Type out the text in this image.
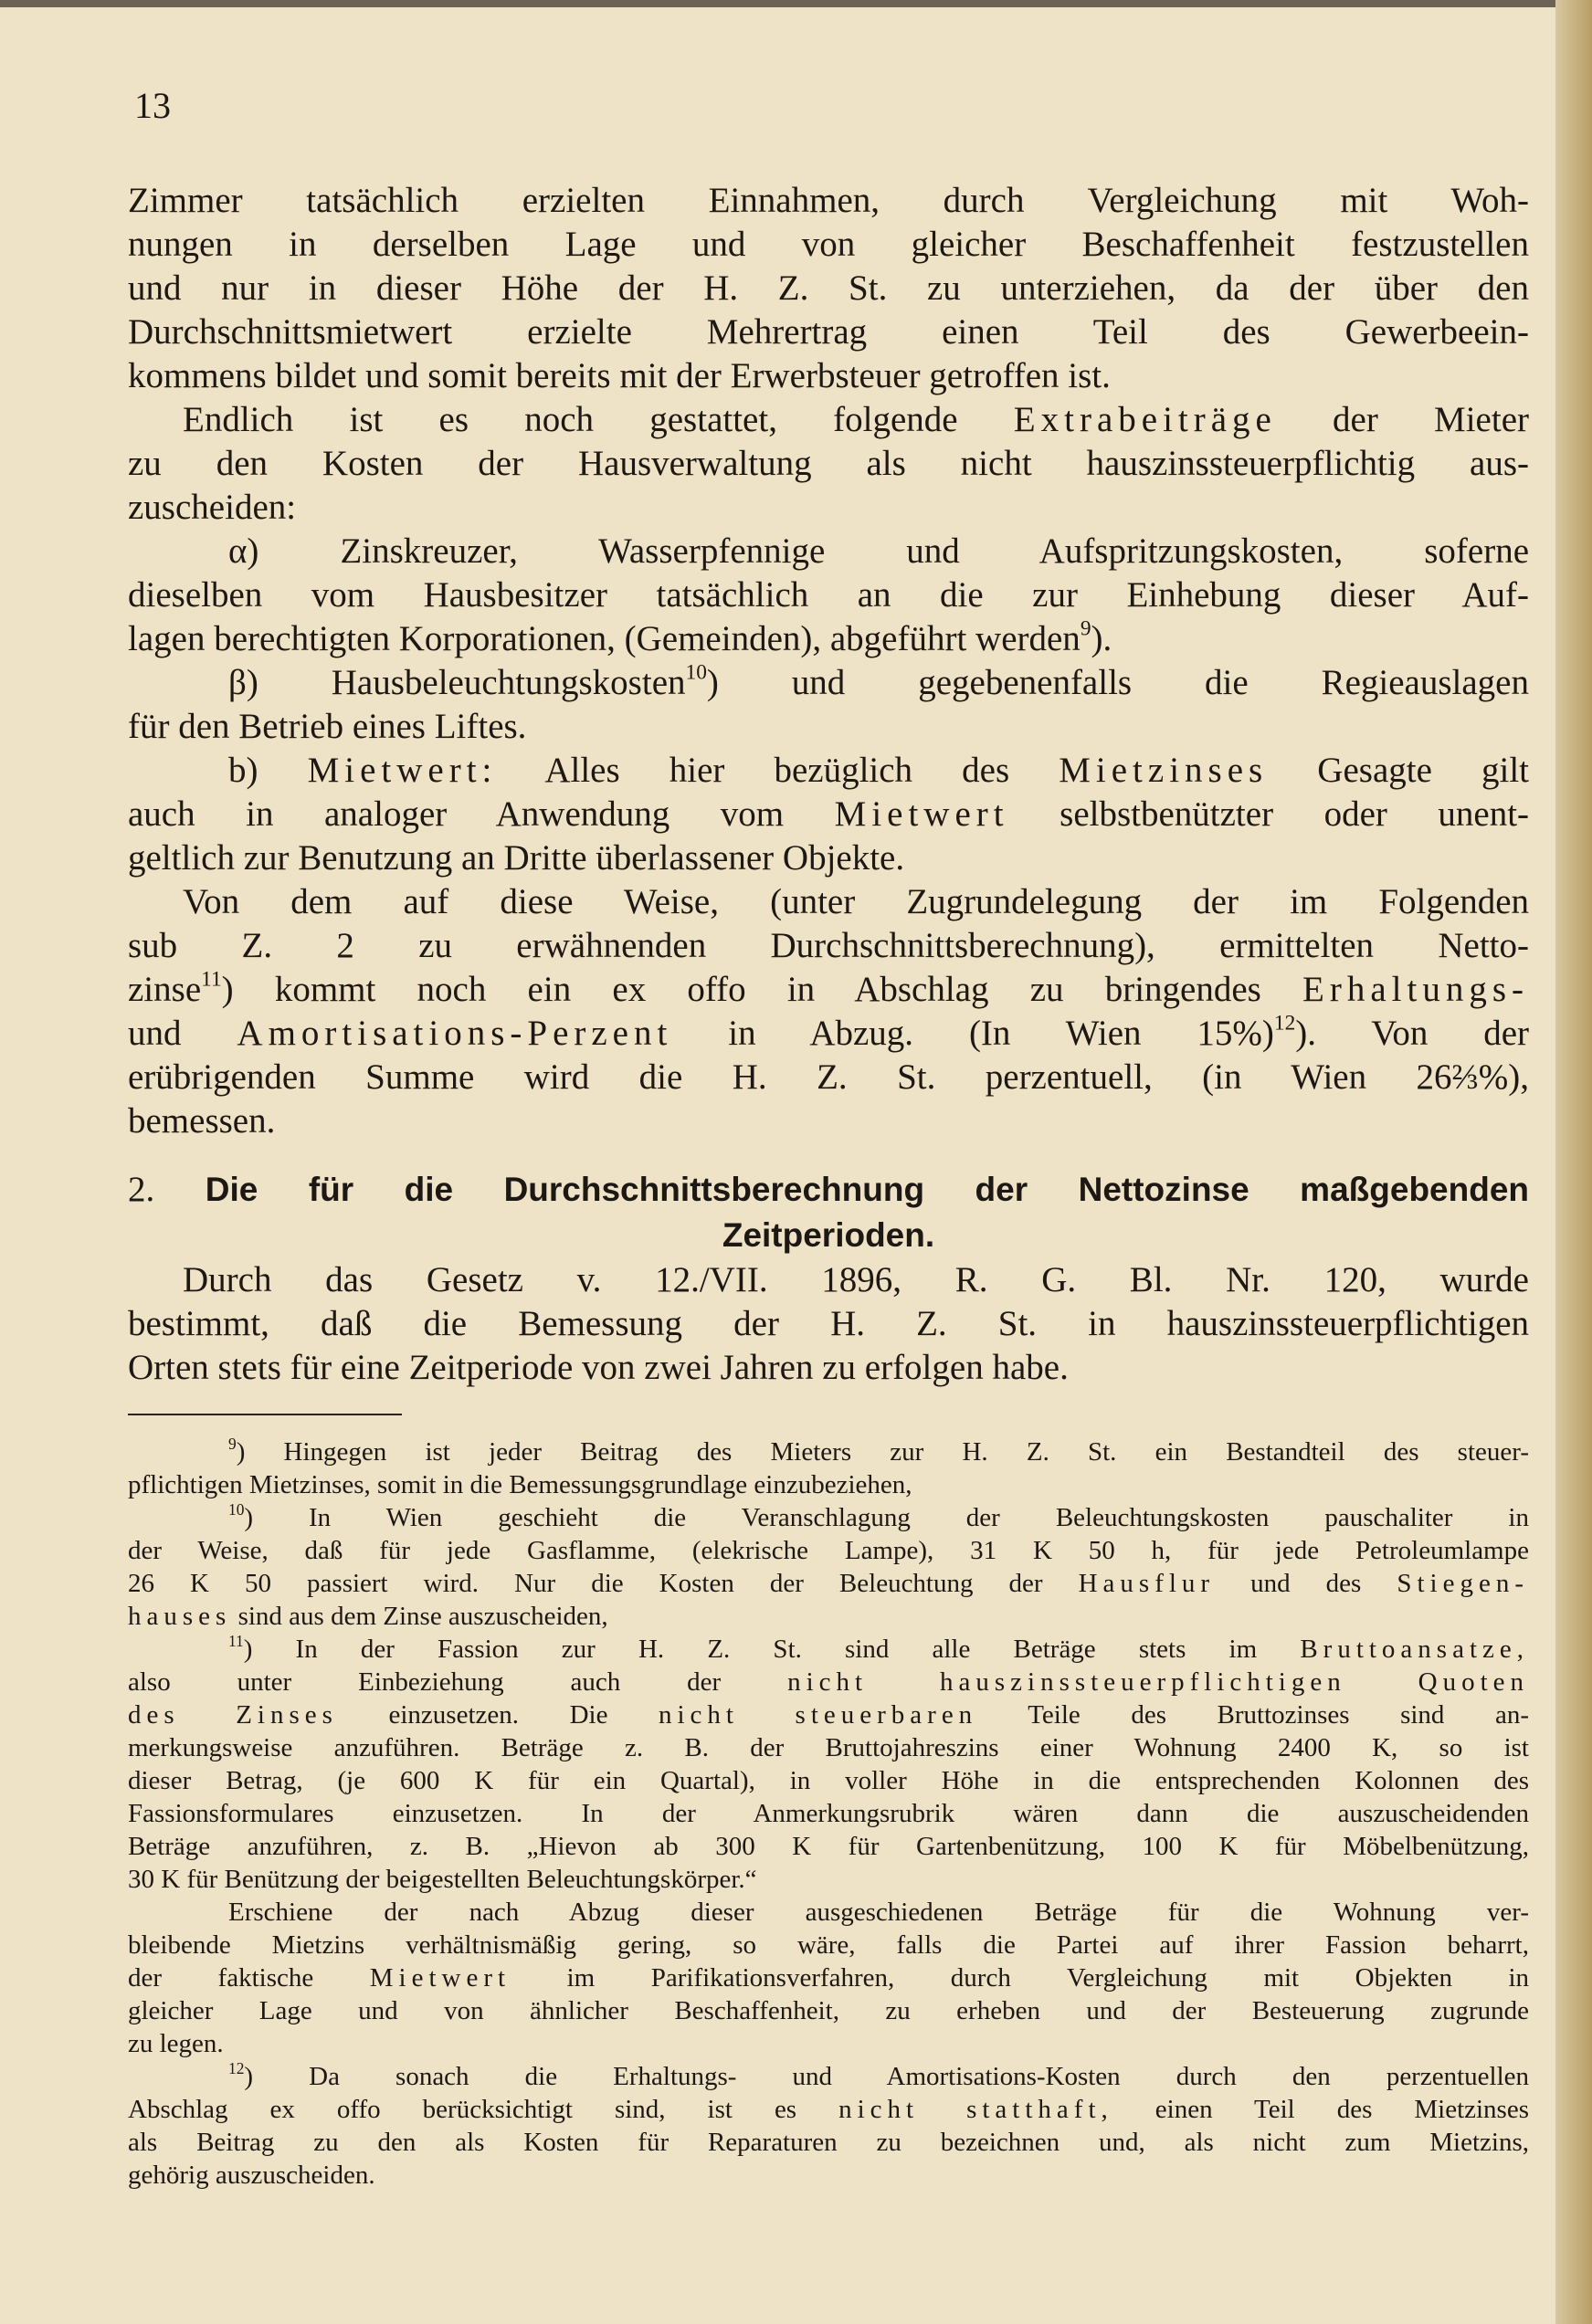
13
Zimmer tatsächlich erzielten Einnahmen, durch Vergleichung mit Woh-
nungen in derselben Lage und von gleicher Beschaffenheit festzustellen
und nur in dieser Höhe der H. Z. St. zu unterziehen, da der über den
Durchschnittsmietwert erzielte Mehrertrag einen Teil des Gewerbeein-
kommens bildet und somit bereits mit der Erwerbsteuer getroffen ist.
Endlich ist es noch gestattet, folgende Extrabeiträge der Mieter
zu den Kosten der Hausverwaltung als nicht hauszinssteuerpflichtig aus-
zuscheiden:
α) Zinskreuzer, Wasserpfennige und Aufspritzungskosten, soferne
dieselben vom Hausbesitzer tatsächlich an die zur Einhebung dieser Auf-
lagen berechtigten Korporationen, (Gemeinden), abgeführt werden$^9$).
β) Hausbeleuchtungskosten$^{10}$) und gegebenenfalls die Regieauslagen
für den Betrieb eines Liftes.
b) Mietwert: Alles hier bezüglich des Mietzinses Gesagte gilt
auch in analoger Anwendung vom Mietwert selbstbenützter oder unent-
geltlich zur Benutzung an Dritte überlassener Objekte.
Von dem auf diese Weise, (unter Zugrundelegung der im Folgenden
sub Z. 2 zu erwähnenden Durchschnittsberechnung), ermittelten Netto-
zinse$^{11}$) kommt noch ein ex offo in Abschlag zu bringendes Erhaltungs-
und Amortisations-Perzent in Abzug. (In Wien 15%)$^{12}$). Von der
erübrigenden Summe wird die H. Z. St. perzentuell, (in Wien 26⅔%),
bemessen.
2. Die für die Durchschnittsberechnung der Nettozinse maßgebenden
Zeitperioden.
Durch das Gesetz v. 12./VII. 1896, R. G. Bl. Nr. 120, wurde
bestimmt, daß die Bemessung der H. Z. St. in hauszinssteuerpflichtigen
Orten stets für eine Zeitperiode von zwei Jahren zu erfolgen habe.
$^9$) Hingegen ist jeder Beitrag des Mieters zur H. Z. St. ein Bestandteil des steuer-
pflichtigen Mietzinses, somit in die Bemessungsgrundlage einzubeziehen,
$^{10}$) In Wien geschieht die Veranschlagung der Beleuchtungskosten pauschaliter in
der Weise, daß für jede Gasflamme, (elekrische Lampe), 31 K 50 h, für jede Petroleumlampe
26 K 50 passiert wird. Nur die Kosten der Beleuchtung der Hausflur und des Stiegen-
hauses sind aus dem Zinse auszuscheiden,
$^{11}$) In der Fassion zur H. Z. St. sind alle Beträge stets im Bruttoansatze,
also unter Einbeziehung auch der	nicht hauszinssteuerpflichtigen Quoten
des Zinses einzusetzen. Die nicht steuerbaren Teile des Bruttozinses sind an-
merkungsweise anzuführen. Beträge z. B. der Bruttojahreszins einer Wohnung 2400 K, so ist
dieser Betrag, (je 600 K für ein Quartal), in voller Höhe in die entsprechenden Kolonnen des
Fassionsformulares einzusetzen. In der Anmerkungsrubrik wären dann die auszuscheidenden
Beträge anzuführen, z. B. „Hievon ab 300 K für Gartenbenützung, 100 K für Möbelbenützung,
30 K für Benützung der beigestellten Beleuchtungskörper.“
Erschiene der nach Abzug dieser ausgeschiedenen Beträge für die Wohnung ver-
bleibende Mietzins verhältnismäßig gering, so wäre, falls die Partei auf ihrer Fassion beharrt,
der faktische Mietwert im Parifikationsverfahren, durch Vergleichung mit Objekten in
gleicher Lage und von ähnlicher Beschaffenheit, zu erheben und der Besteuerung zugrunde
zu legen.
$^{12}$) Da sonach die Erhaltungs- und Amortisations-Kosten durch den perzentuellen
Abschlag ex offo berücksichtigt sind, ist es nicht statthaft, einen Teil des Mietzinses
als Beitrag zu den als Kosten für Reparaturen zu bezeichnen und, als nicht zum Mietzins,
gehörig auszuscheiden.
